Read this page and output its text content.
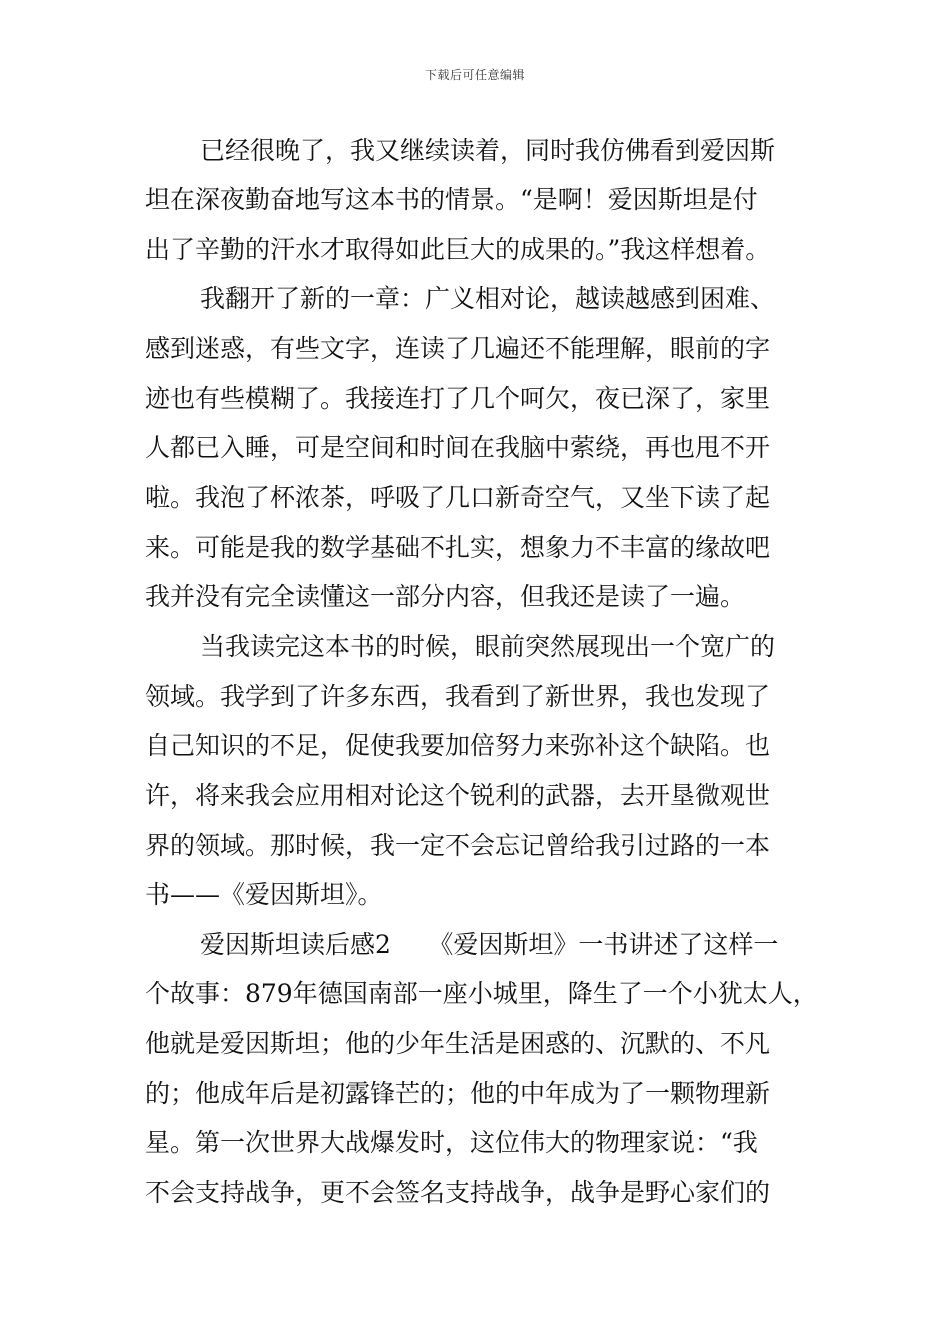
下载后可任意编辑
已经很晚了，我又继续读着，同时我仿佛看到爱因斯
坦在深夜勤奋地写这本书的情景。“是啊！爱因斯坦是付
出了辛勤的汗水才取得如此巨大的成果的。”我这样想着。
我翻开了新的一章：广义相对论，越读越感到困难、
感到迷惑，有些文字，连读了几遍还不能理解，眼前的字
迹也有些模糊了。我接连打了几个呵欠，夜已深了，家里
人都已入睡，可是空间和时间在我脑中萦绕，再也甩不开
啦。我泡了杯浓茶，呼吸了几口新奇空气，又坐下读了起
来。可能是我的数学基础不扎实，想象力不丰富的缘故吧
我并没有完全读懂这一部分内容，但我还是读了一遍。
当我读完这本书的时候，眼前突然展现出一个宽广的
领域。我学到了许多东西，我看到了新世界，我也发现了
自己知识的不足，促使我要加倍努力来弥补这个缺陷。也
许，将来我会应用相对论这个锐利的武器，去开垦微观世
界的领域。那时候，我一定不会忘记曾给我引过路的一本
书——《爱因斯坦》。
爱因斯坦读后感2　　《爱因斯坦》一书讲述了这样一
个故事：879年德国南部一座小城里，降生了一个小犹太人，
他就是爱因斯坦；他的少年生活是困惑的、沉默的、不凡
的；他成年后是初露锋芒的；他的中年成为了一颗物理新
星。第一次世界大战爆发时，这位伟大的物理家说：“我
不会支持战争，更不会签名支持战争，战争是野心家们的
